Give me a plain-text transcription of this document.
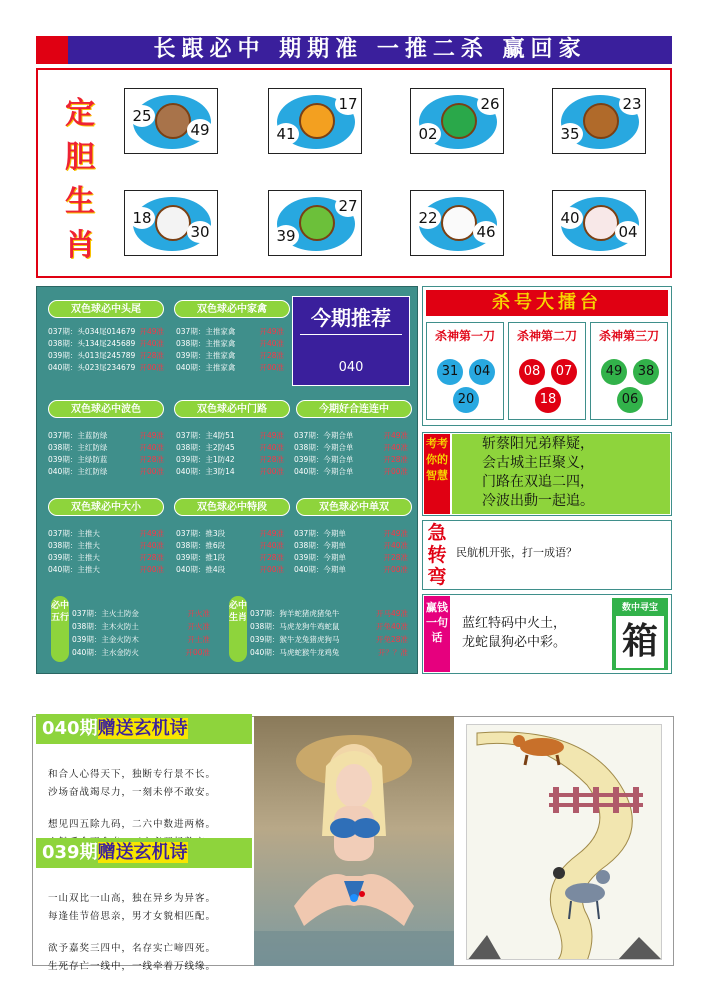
长跟必中 期期准 一推二杀 赢回家
定
胆
生
肖
25
49	41
17
02
26
35
23
18
30	39
27
22
46
40
04
双色球必中头尾	双色球必中家禽
双色球必中波色	双色球必中门路	今期好合连连中
双色球必中大小	双色球必中特段	双色球必中单双
037期：头034尾014679 开49准
038期：头134尾245689 开40准
039期：头013尾245789 开28准
040期：头023尾234679 开00准
037期：主推家禽	开49准
038期：主推家禽	开40准
039期：主推家禽	开28准
040期：主推家禽	开00准
037期：主蓝防绿	开49准
038期：主红防绿	开40准
039期：主绿防蓝	开28准
040期：主红防绿	开00准
037期：主4防51	开49准
038期：主2防45	开40准
039期：主1防42	开28准
040期：主3防14	开00准
037期：今期合单	开49准
038期：今期合单	开40准
039期：今期合单	开28准
040期：今期合单	开00准
037期：主推大	开49准
038期：主推大	开40准
039期：主推大	开28准
040期：主推大	开00准
037期：推3段	开49准
038期：推6段	开40准
039期：推1段	开28准
040期：推4段	开00准
037期：今期单	开49准
038期：今期单	开40准
039期：今期单	开28准
040期：今期单	开00准
037期：主火土防金	开火准
038期：主木火防土	开火准
039期：主金火防木	开土准
040期：主水金防火	开00准
037期：狗羊蛇猪虎猪兔牛	开马49准
038期：马虎龙狗牛鸡蛇鼠	开兔40准
039期：猴牛龙兔猪虎狗马	开兔28准
040期：马虎蛇猴牛龙鸡兔	开？？准
今期推荐
040
必中五行
必中生肖
杀号大擂台
杀神第一刀
31	04
20
杀神第二刀
08	07
18
杀神第三刀
49	38
06
考考你的智慧
斩蔡阳兄弟释疑，
会古城主臣聚义，
门路在双追二四，
冷波出動一起追。
急转弯
民航机开张，打一成语？
赢钱一句话
蓝红特码中火土，
龙蛇鼠狗必中彩。
数中寻宝
箱
040期赠送玄机诗
和合人心得天下，独断专行景不长。
沙场奋战竭尽力，一刻未停不敢安。
想见四五除九码，二六中数进两格。
039期赠送玄机诗
一山双比一山高，独在异乡为异客。
每逢佳节倍思亲，男才女貌相匹配。
欲予嘉奖三四中，名存实亡啼四死。
生死存亡一线中，一线牵着万线缘。
